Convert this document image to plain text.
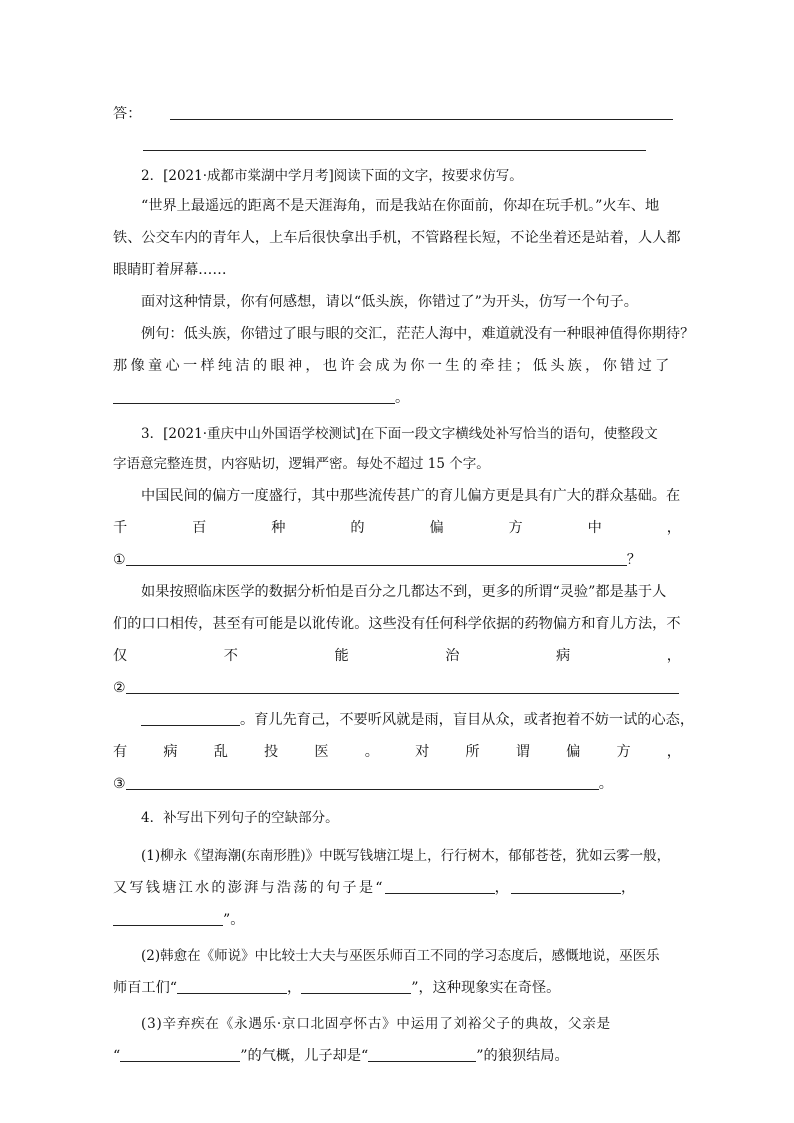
答：
2．[2021·成都市棠湖中学月考]阅读下面的文字，按要求仿写。
“世界上最遥远的距离不是天涯海角，而是我站在你面前，你却在玩手机。”火车、地
铁、公交车内的青年人，上车后很快拿出手机，不管路程长短，不论坐着还是站着，人人都
眼睛盯着屏幕……
面对这种情景，你有何感想，请以“低头族，你错过了”为开头，仿写一个句子。
例句：低头族，你错过了眼与眼的交汇，茫茫人海中，难道就没有一种眼神值得你期待？
那像童心一样纯洁的眼神，也许会成为你一生的牵挂；低头族，你错过了
。
3．[2021·重庆中山外国语学校测试]在下面一段文字横线处补写恰当的语句，使整段文
字语意完整连贯，内容贴切，逻辑严密。每处不超过 15 个字。
中国民间的偏方一度盛行，其中那些流传甚广的育儿偏方更是具有广大的群众基础。在
千	百	种	的	偏	方	中	，
①	？
如果按照临床医学的数据分析怕是百分之几都达不到，更多的所谓“灵验”都是基于人
们的口口相传，甚至有可能是以讹传讹。这些没有任何科学依据的药物偏方和育儿方法，不
仅	不	能	治	病	，
②
。育儿先育己，不要听风就是雨，盲目从众，或者抱着不妨一试的心态，
有	病	乱	投	医	。	对	所	谓	偏	方	，
③	。
4．补写出下列句子的空缺部分。
(1)柳永《望海潮(东南形胜)》中既写钱塘江堤上，行行树木，郁郁苍苍，犹如云雾一般，
又写钱塘江水的澎湃与浩荡的句子是“	，	，
”。
(2)韩愈在《师说》中比较士大夫与巫医乐师百工不同的学习态度后，感慨地说，巫医乐
师百工们“	，	”，这种现象实在奇怪。
(3)辛弃疾在《永遇乐·京口北固亭怀古》中运用了刘裕父子的典故，父亲是
“	”的气概，儿子却是“	”的狼狈结局。
